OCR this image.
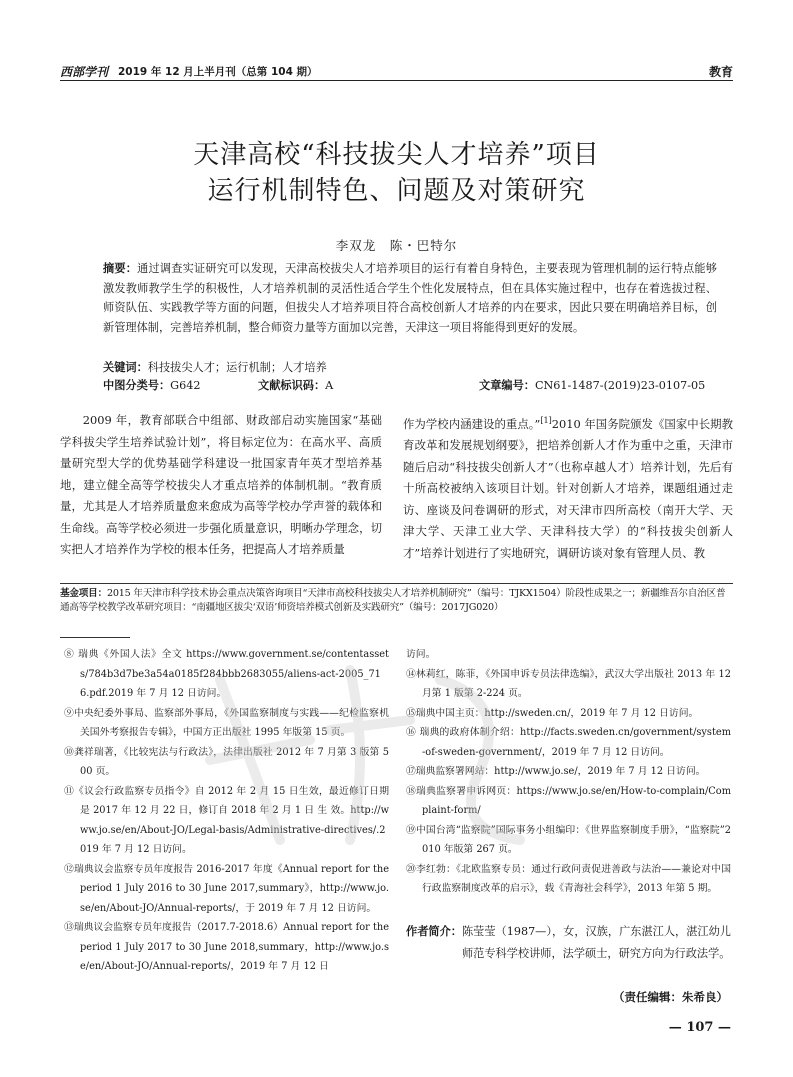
西部学刊 2019 年 12 月上半月刊（总第 104 期）	教育
天津高校“科技拔尖人才培养”项目
运行机制特色、问题及对策研究
李双龙　陈・巴特尔
摘要：通过调查实证研究可以发现，天津高校拔尖人才培养项目的运行有着自身特色，主要表现为管理机制的运行特点能够激发教师教学生学的积极性，人才培养机制的灵活性适合学生个性化发展特点，但在具体实施过程中，也存在着选拔过程、师资队伍、实践教学等方面的问题，但拔尖人才培养项目符合高校创新人才培养的内在要求，因此只要在明确培养目标，创新管理体制，完善培养机制，整合师资力量等方面加以完善，天津这一项目将能得到更好的发展。
关键词：科技拔尖人才；运行机制；人才培养
中图分类号：G642	文献标识码：A	文章编号：CN61-1487-(2019)23-0107-05

2009 年，教育部联合中组部、财政部启动实施国家“基础学科拔尖学生培养试验计划”，将目标定位为：在高水平、高质量研究型大学的优势基础学科建设一批国家青年英才型培养基地，建立健全高等学校拔尖人才重点培养的体制机制。“教育质量，尤其是人才培养质量愈来愈成为高等学校办学声誉的载体和生命线。高等学校必须进一步强化质量意识，明晰办学理念，切实把人才培养作为学校的根本任务，把提高人才培养质量

作为学校内涵建设的重点。”[1]2010 年国务院颁发《国家中长期教育改革和发展规划纲要》，把培养创新人才作为重中之重，天津市随后启动“科技拔尖创新人才”（也称卓越人才）培养计划，先后有十所高校被纳入该项目计划。针对创新人才培养，课题组通过走访、座谈及问卷调研的形式，对天津市四所高校（南开大学、天津大学、天津工业大学、天津科技大学）的“科技拔尖创新人才”培养计划进行了实地研究，调研访谈对象有管理人员、教

基金项目：2015 年天津市科学技术协会重点决策咨询项目“天津市高校科技拔尖人才培养机制研究”（编号：TJKX1504）阶段性成果之一；新疆维吾尔自治区普通高等学校教学改革研究项目：“南疆地区拔尖‘双语’师资培养模式创新及实践研究”（编号：2017JG020）
⑧ 瑞典《外国人法》全文 https://www.government.se/contentassets/784b3d7be3a54a0185f284bbb2683055/aliens-act-2005_716.pdf.2019 年 7 月 12 日访问。
⑨中央纪委外事局、监察部外事局，《外国监察制度与实践——纪检监察机关国外考察报告专辑》，中国方正出版社 1995 年版第 15 页。
⑩龚祥瑞著，《比较宪法与行政法》，法律出版社 2012 年 7 月第 3 版第 500 页。
⑪《议会行政监察专员指令》自 2012 年 2 月 15 日生效，最近修订日期是 2017 年 12 月 22 日，修订自 2018 年 2 月 1 日 生 效。http://www.jo.se/en/About-JO/Legal-basis/Administrative-directives/.2019 年 7 月 12 日访问。
⑫瑞典议会监察专员年度报告 2016-2017 年度《Annual report for the period 1 July 2016 to 30 June 2017,summary》，http://www.jo.se/en/About-JO/Annual-reports/，于 2019 年 7 月 12 日访问。
⑬瑞典议会监察专员年度报告（2017.7-2018.6）Annual report for the period 1 July 2017 to 30 June 2018,summary，http://www.jo.se/en/About-JO/Annual-reports/，2019 年 7 月 12 日
访问。
⑭林莉红，陈菲，《外国申诉专员法律选编》，武汉大学出版社 2013 年 12 月第 1 版第 2-224 页。
⑮瑞典中国主页：http://sweden.cn/，2019 年 7 月 12 日访问。
⑯ 瑞典的政府体制介绍：http://facts.sweden.cn/government/system-of-sweden-government/，2019 年 7 月 12 日访问。
⑰瑞典监察署网站：http://www.jo.se/，2019 年 7 月 12 日访问。
⑱瑞典监察署申诉网页：https://www.jo.se/en/How-to-complain/Complaint-form/
⑲中国台湾“监察院”国际事务小组编印：《世界监察制度手册》，“监察院”2010 年版第 267 页。
⑳李红勃：《北欧监察专员：通过行政问责促进善政与法治——兼论对中国行政监察制度改革的启示》，载《青海社会科学》，2013 年第 5 期。
作者简介： 陈莹莹（1987—），女，汉族，广东湛江人，湛江幼儿师范专科学校讲师，法学硕士，研究方向为行政法学。
（责任编辑：朱希良）
— 107 —
